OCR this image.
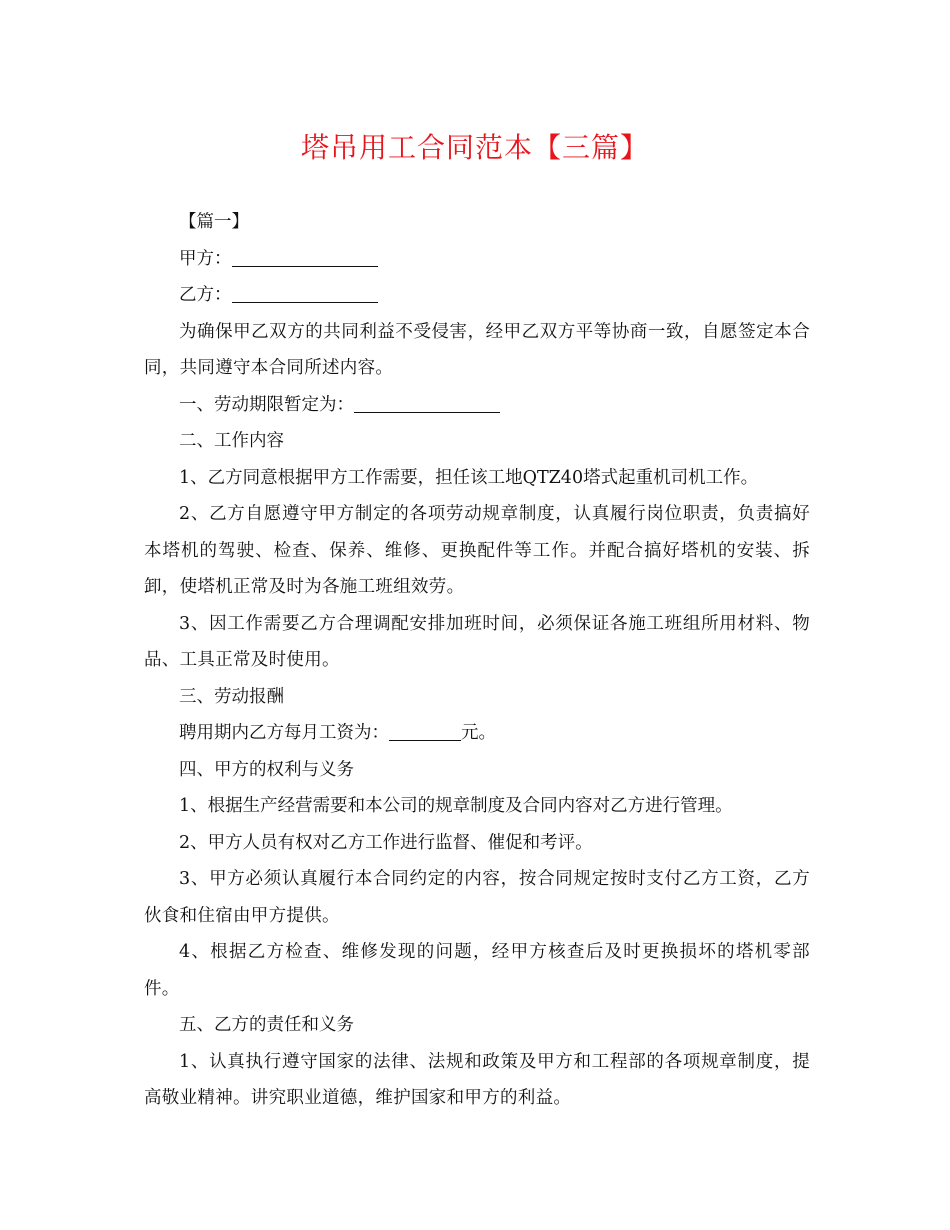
塔吊用工合同范本【三篇】

【篇一】

甲方：

乙方：

为确保甲乙双方的共同利益不受侵害，经甲乙双方平等协商一致，自愿签定本合同，共同遵守本合同所述内容。

一、劳动期限暂定为：

二、工作内容

1、乙方同意根据甲方工作需要，担任该工地QTZ40塔式起重机司机工作。

2、乙方自愿遵守甲方制定的各项劳动规章制度，认真履行岗位职责，负责搞好本塔机的驾驶、检查、保养、维修、更换配件等工作。并配合搞好塔机的安装、拆卸，使塔机正常及时为各施工班组效劳。

3、因工作需要乙方合理调配安排加班时间，必须保证各施工班组所用材料、物品、工具正常及时使用。

三、劳动报酬

聘用期内乙方每月工资为：	元。

四、甲方的权利与义务

1、根据生产经营需要和本公司的规章制度及合同内容对乙方进行管理。

2、甲方人员有权对乙方工作进行监督、催促和考评。

3、甲方必须认真履行本合同约定的内容，按合同规定按时支付乙方工资，乙方伙食和住宿由甲方提供。

4、根据乙方检查、维修发现的问题，经甲方核查后及时更换损坏的塔机零部件。

五、乙方的责任和义务

1、认真执行遵守国家的法律、法规和政策及甲方和工程部的各项规章制度，提高敬业精神。讲究职业道德，维护国家和甲方的利益。
